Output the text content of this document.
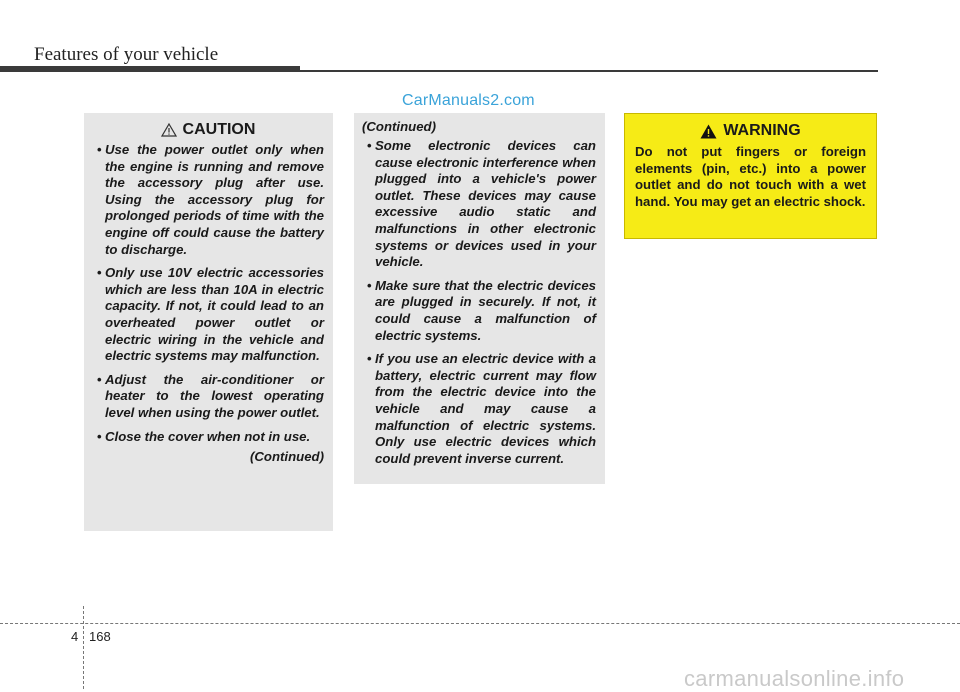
Features of your vehicle
CarManuals2.com
CAUTION
• Use the power outlet only when the engine is running and remove the accessory plug after use. Using the accessory plug for prolonged periods of time with the engine off could cause the battery to discharge.
• Only use 10V electric accessories which are less than 10A in electric capacity. If not, it could lead to an overheated power outlet or electric wiring in the vehicle and electric systems may malfunction.
• Adjust the air-conditioner or heater to the lowest operating level when using the power outlet.
• Close the cover when not in use.
(Continued)
(Continued)
• Some electronic devices can cause electronic interference when plugged into a vehicle's power outlet. These devices may cause excessive audio static and malfunctions in other electronic systems or devices used in your vehicle.
• Make sure that the electric devices are plugged in securely. If not, it could cause a malfunction of electric systems.
• If you use an electric device with a battery, electric current may flow from the electric device into the vehicle and may cause a malfunction of electric systems. Only use electric devices which could prevent inverse current.
WARNING
Do not put fingers or foreign elements (pin, etc.) into a power outlet and do not touch with a wet hand. You may get an electric shock.
4 168
carmanualsonline.info
